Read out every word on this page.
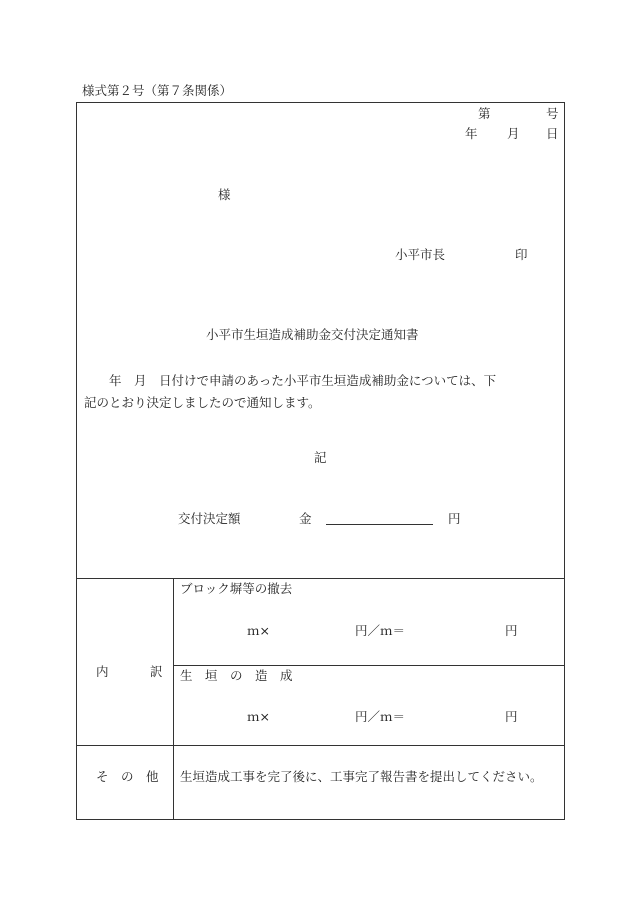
様式第２号（第７条関係）
第	号
年 月 日
様
小平市長	印
小平市生垣造成補助金交付決定通知書
　　年　月　日付けで申請のあった小平市生垣造成補助金については、下
記のとおり決定しましたので通知します。
記
交付決定額	金	円
内	訳
ブロック塀等の撤去
ｍ×	円／ｍ＝	円
生　垣　の　造　成
ｍ×	円／ｍ＝	円
そ　の　他 生垣造成工事を完了後に、工事完了報告書を提出してください。
